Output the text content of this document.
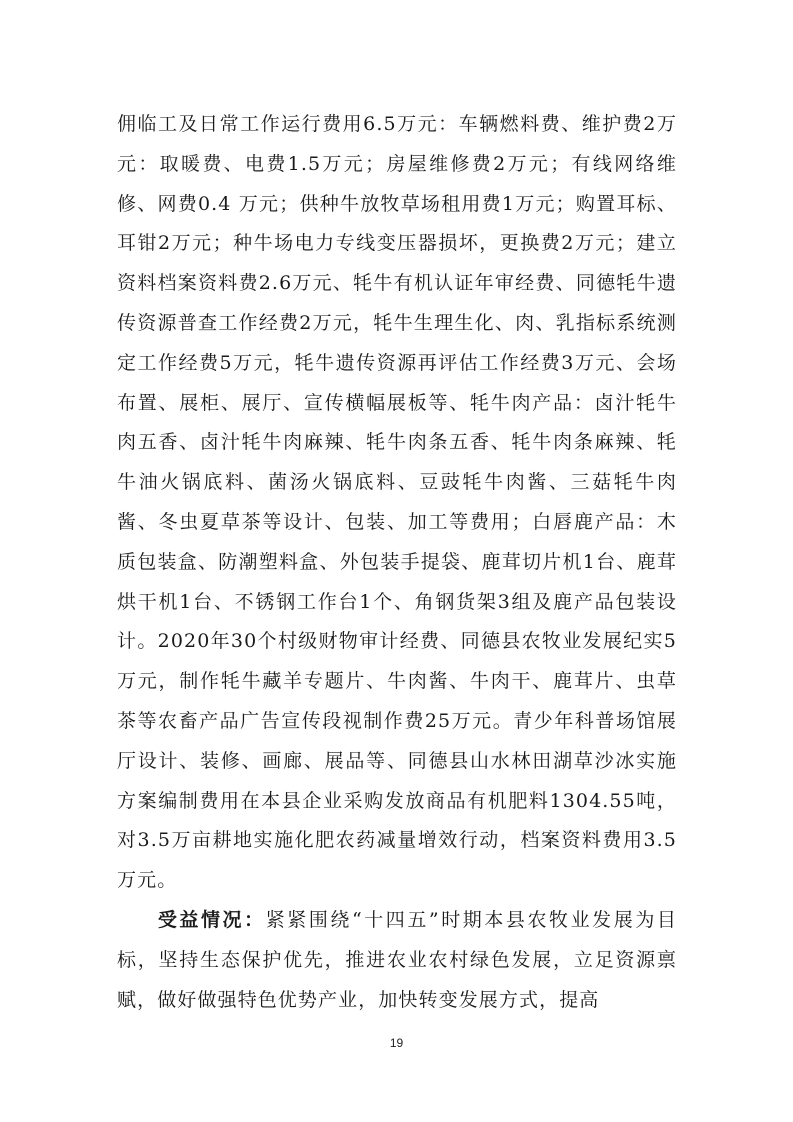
佣临工及日常工作运行费用6.5万元：车辆燃料费、维护费2万元：取暖费、电费1.5万元；房屋维修费2万元；有线网络维修、网费0.4 万元；供种牛放牧草场租用费1万元；购置耳标、耳钳2万元；种牛场电力专线变压器损坏，更换费2万元；建立资料档案资料费2.6万元、牦牛有机认证年审经费、同德牦牛遗传资源普查工作经费2万元，牦牛生理生化、肉、乳指标系统测定工作经费5万元，牦牛遗传资源再评估工作经费3万元、会场布置、展柜、展厅、宣传横幅展板等、牦牛肉产品：卤汁牦牛肉五香、卤汁牦牛肉麻辣、牦牛肉条五香、牦牛肉条麻辣、牦牛油火锅底料、菌汤火锅底料、豆豉牦牛肉酱、三菇牦牛肉酱、冬虫夏草茶等设计、包装、加工等费用；白唇鹿产品：木质包装盒、防潮塑料盒、外包装手提袋、鹿茸切片机1台、鹿茸烘干机1台、不锈钢工作台1个、角钢货架3组及鹿产品包装设计。2020年30个村级财物审计经费、同德县农牧业发展纪实5万元，制作牦牛藏羊专题片、牛肉酱、牛肉干、鹿茸片、虫草茶等农畜产品广告宣传段视制作费25万元。青少年科普场馆展厅设计、装修、画廊、展品等、同德县山水林田湖草沙冰实施方案编制费用在本县企业采购发放商品有机肥料1304.55吨，对3.5万亩耕地实施化肥农药减量增效行动，档案资料费用3.5万元。

受益情况：紧紧围绕“十四五”时期本县农牧业发展为目标，坚持生态保护优先，推进农业农村绿色发展，立足资源禀赋，做好做强特色优势产业，加快转变发展方式，提高

19
